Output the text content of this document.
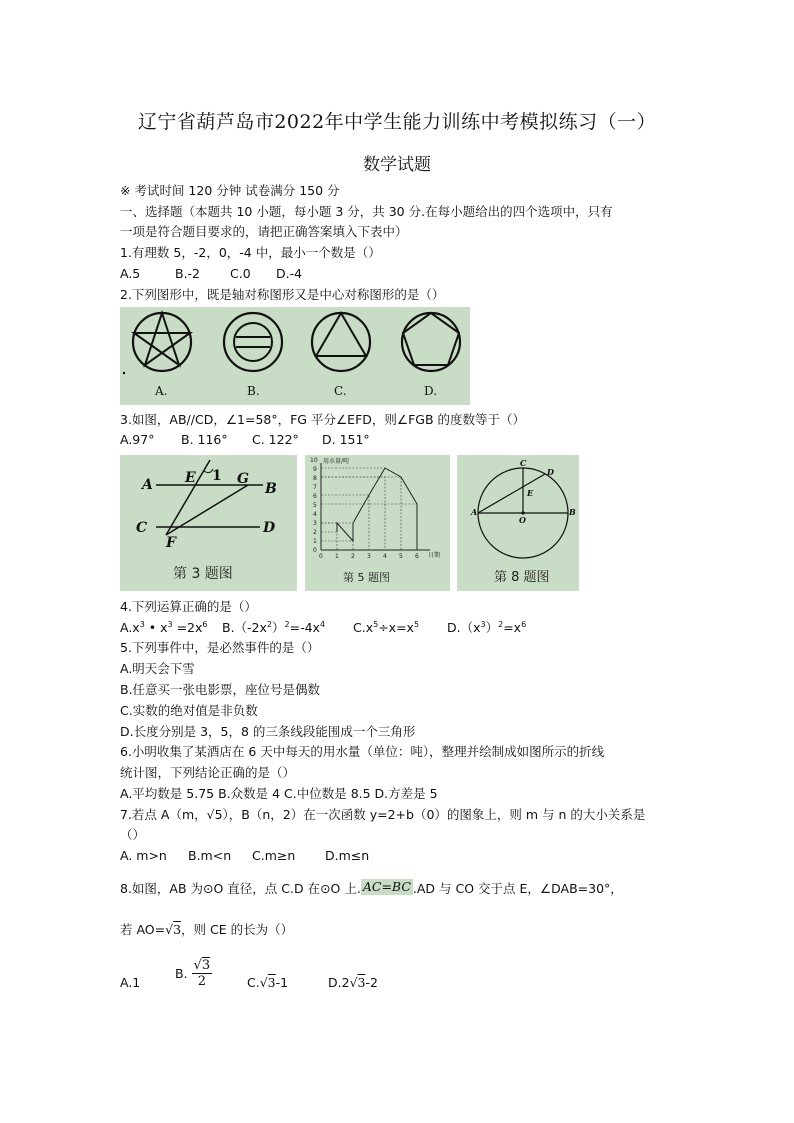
辽宁省葫芦岛市2022年中学生能力训练中考模拟练习（一）
数学试题
※ 考试时间 120 分钟 试卷满分 150 分
一、选择题（本题共 10 小题，每小题 3 分，共 30 分.在每小题给出的四个选项中，只有
一项是符合题目要求的，请把正确答案填入下表中）
1.有理数 5，-2，0，-4 中，最小一个数是（）
A.5	B.-2 C.0 D.-4
2.下列图形中，既是轴对称图形又是中心对称图形的是（）
A.	B.	C.	D.
3.如图，AB//CD，∠1=58°，FG 平分∠EFD，则∠FGB 的度数等于（）
A.97° B. 116° C. 122° D. 151°
A E 1 G
B
C	D
F
第 3 题图
用水量/吨
日期
0
1
2
3
4
5
6
7
8
9
10
0 1 2 3 4 5 6
第 5 题图
A	B
C
D
E
O
第 8 题图
4.下列运算正确的是（）
$A.x^3$ • $x^3 =2x^6$ $B.(-2x^2)^2=-4x^4$ $C.x^5\div x=x^5$ $D.(x^3)^2=x^6$
5.下列事件中，是必然事件的是（）
A.明天会下雪
B.任意买一张电影票，座位号是偶数
C.实数的绝对值是非负数
D.长度分别是 3，5，8 的三条线段能围成一个三角形
6.小明收集了某酒店在 6 天中每天的用水量（单位：吨），整理并绘制成如图所示的折线
统计图，下列结论正确的是（）
A.平均数是 5.75 B.众数是 4 C.中位数是 8.5 D.方差是 5
7.若点 A（m，√5），B（n，2）在一次函数 y=2+b（0）的图象上，则 m 与 n 的大小关系是
（）
A. m>n B.m<n C.m≥n D.m≤n
8.如图，AB 为⊙O 直径，点 C.D 在⊙O 上. AC=BC .AD 与 CO 交于点 E，∠DAB=30°，
若 AO=√3，则 CE 的长为（）
A.1
B. $\frac{√3}{2}$	C.√3-1	D.2√3-2
